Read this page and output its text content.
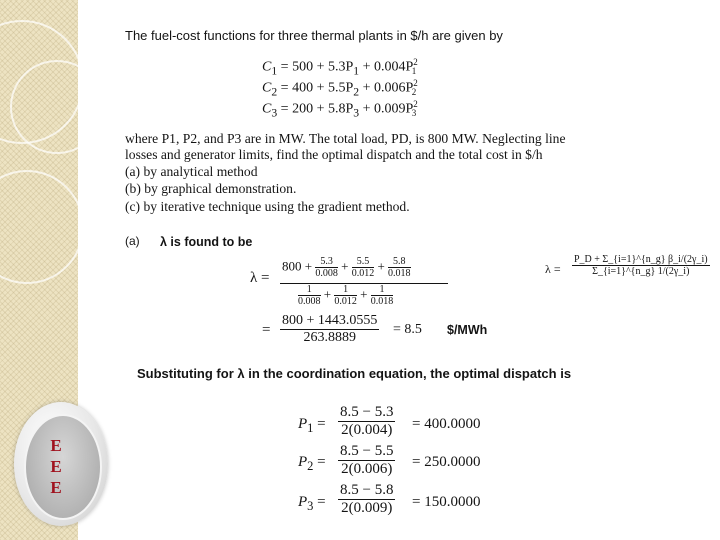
E
E
E
The fuel-cost functions for three thermal plants in $/h are given by
$C_1 = 500 + 5.3P_1 + 0.004P^2_1$
$C_2 = 400 + 5.5P_2 + 0.006P^2_2$
$C_3 = 200 + 5.8P_3 + 0.009P^2_3$
where P1, P2, and P3 are in MW. The total load, PD, is 800 MW. Neglecting line
losses and generator limits, find the optimal dispatch and the total cost in $/h
(a) by analytical method
(b) by graphical demonstration.
(c) by iterative technique using the gradient method.
(a) λ is found to be
λ =
$800 + \frac{5.3}{0.008} + \frac{5.5}{0.012} + \frac{5.8}{0.018}$
$\frac{1}{0.008} + \frac{1}{0.012} + \frac{1}{0.018}$
$\lambda = \frac{P\_D + \Sigma\_\{i=1\}\^{}\{n\_g\} \beta\_i/(2\gamma\_i)}{\Sigma\_\{i=1\}\^{}\{n\_g\} 1/(2\gamma\_i)}$
= $\frac{800 + 1443.0555}{263.8889} = 8.5$ $/MWh
Substituting for λ in the coordination equation, the optimal dispatch is
$P_1 = \frac{8.5 - 5.3}{2(0.004)} = 400.0000$
$P_2 = \frac{8.5 - 5.5}{2(0.006)} = 250.0000$
$P_3 = \frac{8.5 - 5.8}{2(0.009)} = 150.0000$
